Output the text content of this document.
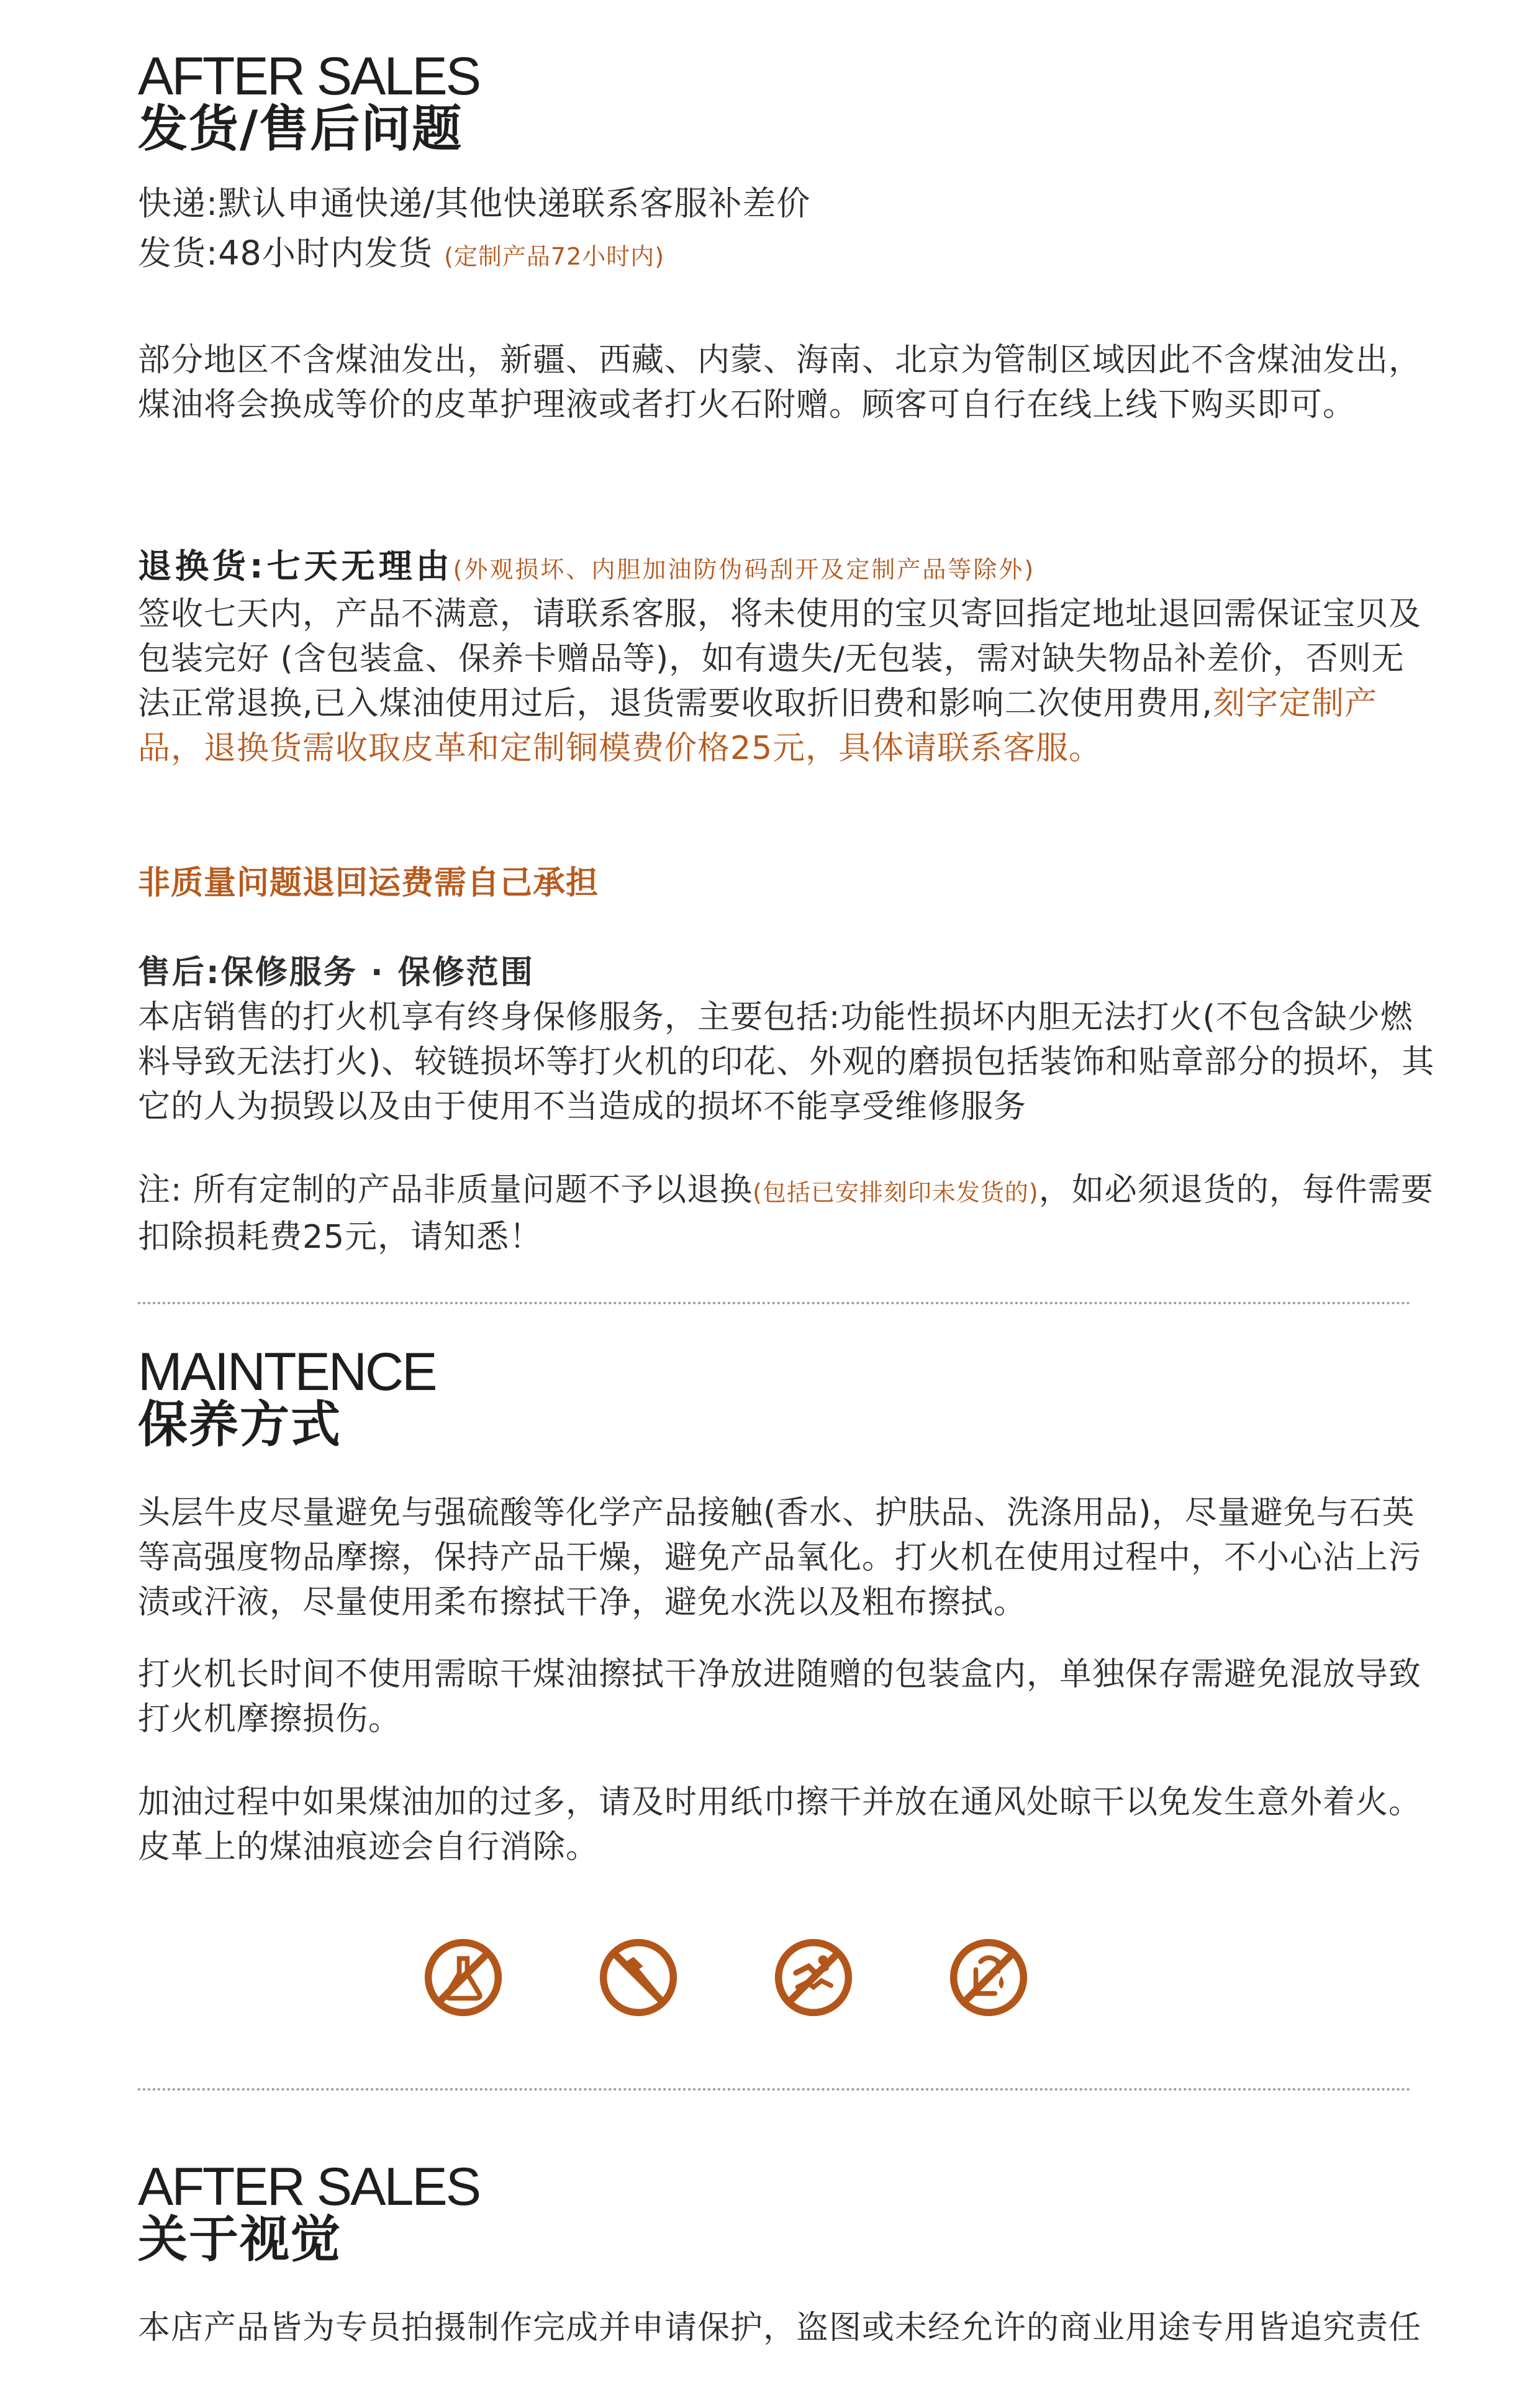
AFTER SALES
发货/售后问题

快递:默认申通快递/其他快递联系客服补差价

发货:48小时内发货 (定制产品72小时内)

部分地区不含煤油发出，新疆、西藏、内蒙、海南、北京为管制区域因此不含煤油发出，煤油将会换成等价的皮革护理液或者打火石附赠。顾客可自行在线上线下购买即可。

退换货:七天无理由(外观损坏、内胆加油防伪码刮开及定制产品等除外)

签收七天内，产品不满意，请联系客服，将未使用的宝贝寄回指定地址退回需保证宝贝及包装完好 (含包装盒、保养卡赠品等)，如有遗失/无包装，需对缺失物品补差价，否则无法正常退换,已入煤油使用过后，退货需要收取折旧费和影响二次使用费用,刻字定制产品，退换货需收取皮革和定制铜模费价格25元，具体请联系客服。

非质量问题退回运费需自己承担

售后:保修服务 · 保修范围

本店销售的打火机享有终身保修服务，主要包括:功能性损坏内胆无法打火(不包含缺少燃料导致无法打火)、较链损坏等打火机的印花、外观的磨损包括装饰和贴章部分的损坏，其它的人为损毁以及由于使用不当造成的损坏不能享受维修服务

注: 所有定制的产品非质量问题不予以退换(包括已安排刻印未发货的)，如必须退货的，每件需要扣除损耗费25元，请知悉！

MAINTENCE
保养方式

头层牛皮尽量避免与强硫酸等化学产品接触(香水、护肤品、洗涤用品)，尽量避免与石英等高强度物品摩擦，保持产品干燥，避免产品氧化。打火机在使用过程中，不小心沾上污渍或汗液，尽量使用柔布擦拭干净，避免水洗以及粗布擦拭。

打火机长时间不使用需晾干煤油擦拭干净放进随赠的包装盒内，单独保存需避免混放导致打火机摩擦损伤。

加油过程中如果煤油加的过多，请及时用纸巾擦干并放在通风处晾干以免发生意外着火。皮革上的煤油痕迹会自行消除。

AFTER SALES
关于视觉

本店产品皆为专员拍摄制作完成并申请保护，盗图或未经允许的商业用途专用皆追究责任
